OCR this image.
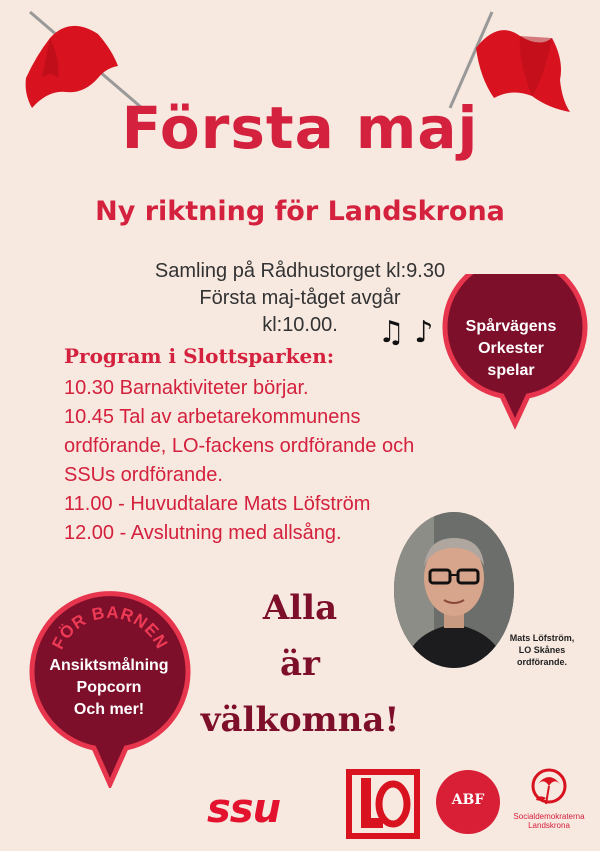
Första maj
Ny riktning för Landskrona
Samling på Rådhustorget kl:9.30
Första maj-tåget avgår
kl:10.00.	♫ ♪	Spårvägens
Orkester
spelar
Program i Slottsparken:
10.30 Barnaktiviteter börjar.
10.45 Tal av arbetarekommunens
ordförande, LO-fackens ordförande och
SSUs ordförande.
11.00 - Huvudtalare Mats Löfström
12.00 - Avslutning med allsång.
FÖR BARNEN
Ansiktsmålning
Popcorn
Och mer!
Alla
är
välkomna!
Mats Löfström,
LO Skånes
ordförande.
ssu
LO
ABF
Socialdemokraterna
Landskrona
